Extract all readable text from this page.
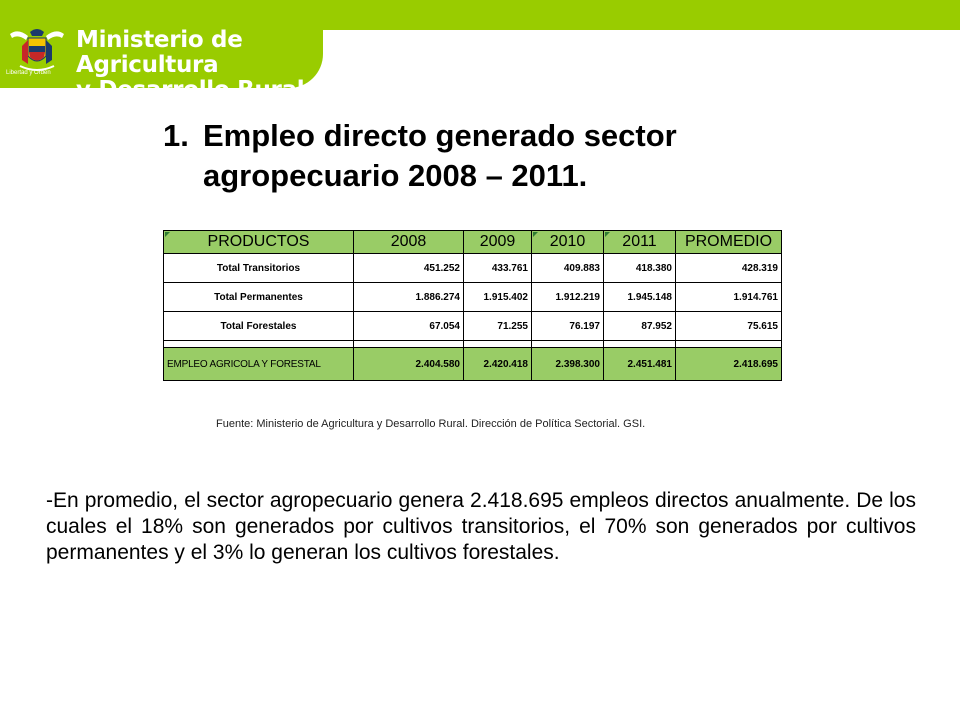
Ministerio de Agricultura
y Desarrollo Rural
Libertad y Orden
1. Empleo directo generado sector
agropecuario 2008 – 2011.
PRODUCTOS	2008	2009	2010	2011	PROMEDIO
Total Transitorios	451.252	433.761	409.883	418.380	428.319
Total Permanentes	1.886.274	1.915.402	1.912.219	1.945.148	1.914.761
Total Forestales	67.054	71.255	76.197	87.952	75.615

EMPLEO AGRICOLA Y FORESTAL	2.404.580	2.420.418	2.398.300	2.451.481	2.418.695
Fuente: Ministerio de Agricultura y Desarrollo Rural. Dirección de Política Sectorial. GSI.
-En promedio, el sector agropecuario genera 2.418.695 empleos directos anualmente. De los cuales el 18% son generados por cultivos transitorios, el 70% son generados por cultivos permanentes y el 3% lo generan los cultivos forestales.
